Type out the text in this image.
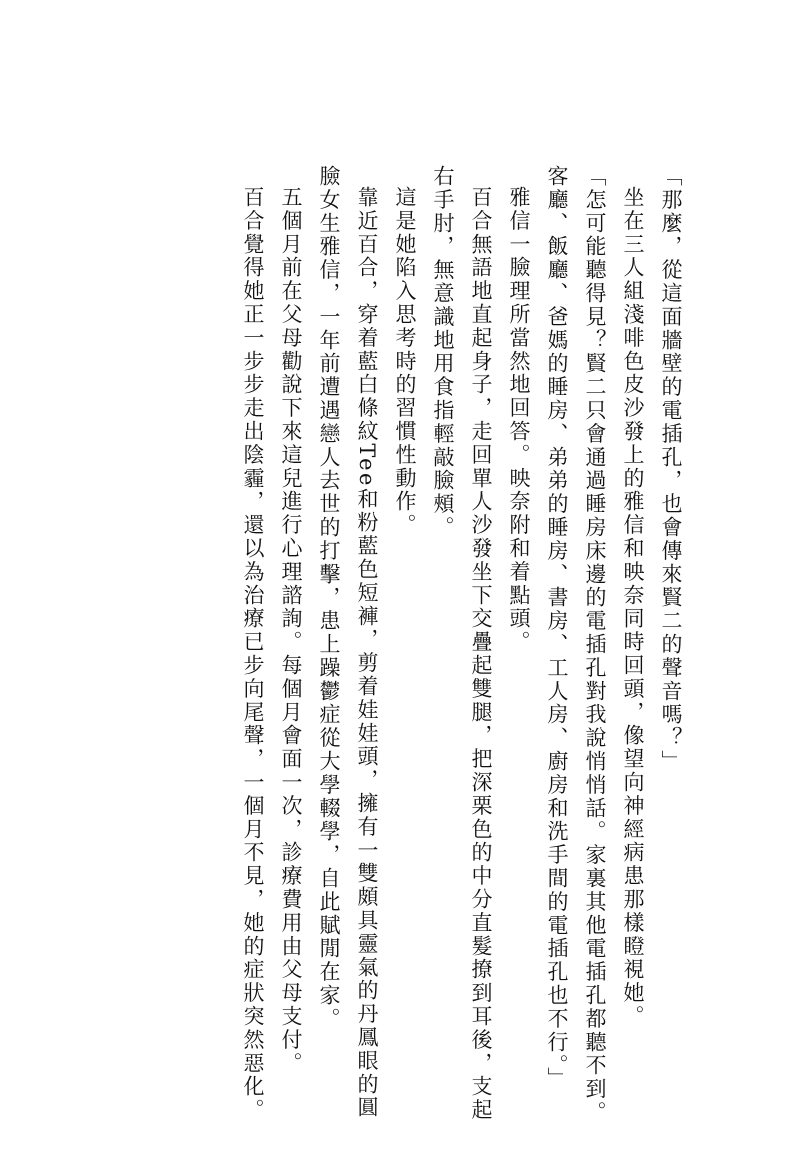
「那麼，從這面牆壁的電插孔，也會傳來賢二的聲音嗎？」

坐在三人組淺啡色皮沙發上的雅信和映奈同時回頭，像望向神經病患那樣瞪視她。

「怎可能聽得見？賢二只會通過睡房床邊的電插孔對我說悄悄話。家裏其他電插孔都聽不到。客廳、飯廳、爸媽的睡房、弟弟的睡房、書房、工人房、廚房和洗手間的電插孔也不行。」

雅信一臉理所當然地回答。映奈附和着點頭。

百合無語地直起身子，走回單人沙發坐下交疊起雙腿，把深栗色的中分直髮撩到耳後，支起右手肘，無意識地用食指輕敲臉頰。

這是她陷入思考時的習慣性動作。

靠近百合，穿着藍白條紋Tee和粉藍色短褲，剪着娃娃頭，擁有一雙頗具靈氣的丹鳳眼的圓臉女生雅信，一年前遭遇戀人去世的打擊，患上躁鬱症從大學輟學，自此賦閒在家。

五個月前在父母勸說下來這兒進行心理諮詢。每個月會面一次，診療費用由父母支付。

百合覺得她正一步步走出陰霾，還以為治療已步向尾聲，一個月不見，她的症狀突然惡化。
